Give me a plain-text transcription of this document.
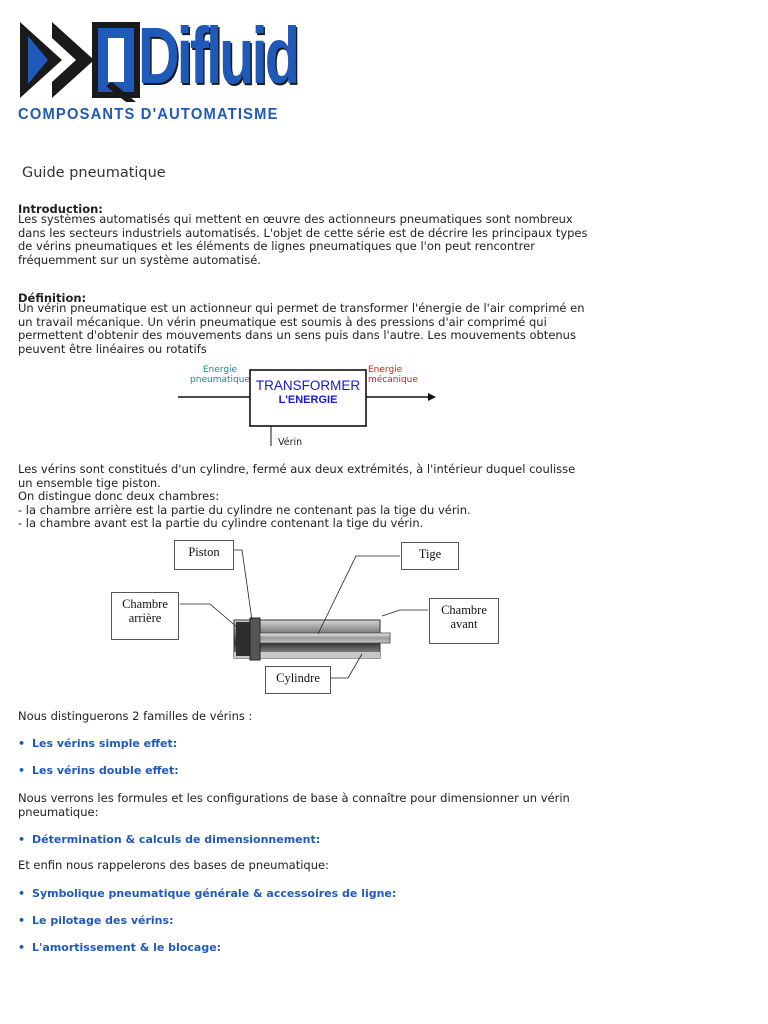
Difluid
COMPOSANTS D'AUTOMATISME
Guide pneumatique
Introduction:

Les systèmes automatisés qui mettent en œuvre des actionneurs pneumatiques sont nombreux dans les secteurs industriels automatisés. L'objet de cette série est de décrire les principaux types de vérins pneumatiques et les éléments de lignes pneumatiques que l'on peut rencontrer fréquemment sur un système automatisé.

Définition:

Un vérin pneumatique est un actionneur qui permet de transformer l'énergie de l'air comprimé en un travail mécanique. Un vérin pneumatique est soumis à des pressions d'air comprimé qui permettent d'obtenir des mouvements dans un sens puis dans l'autre. Les mouvements obtenus peuvent être linéaires ou rotatifs

Energie
pneumatique TRANSFORMER
L'ENERGIE
Energie
mécanique
Vérin
Les vérins sont constitués d'un cylindre, fermé aux deux extrémités, à l'intérieur duquel coulisse un ensemble tige piston.
On distingue donc deux chambres:
- la chambre arrière est la partie du cylindre ne contenant pas la tige du vérin.
- la chambre avant est la partie du cylindre contenant la tige du vérin.
Piston	Tige
Chambre
arrière
Chambre
avant
Cylindre
Nous distinguerons 2 familles de vérins :
• Les vérins simple effet:
• Les vérins double effet:
Nous verrons les formules et les configurations de base à connaître pour dimensionner un vérin pneumatique:
• Détermination & calculs de dimensionnement:
Et enfin nous rappelerons des bases de pneumatique:
• Symbolique pneumatique générale & accessoires de ligne:
• Le pilotage des vérins:
• L'amortissement & le blocage:
